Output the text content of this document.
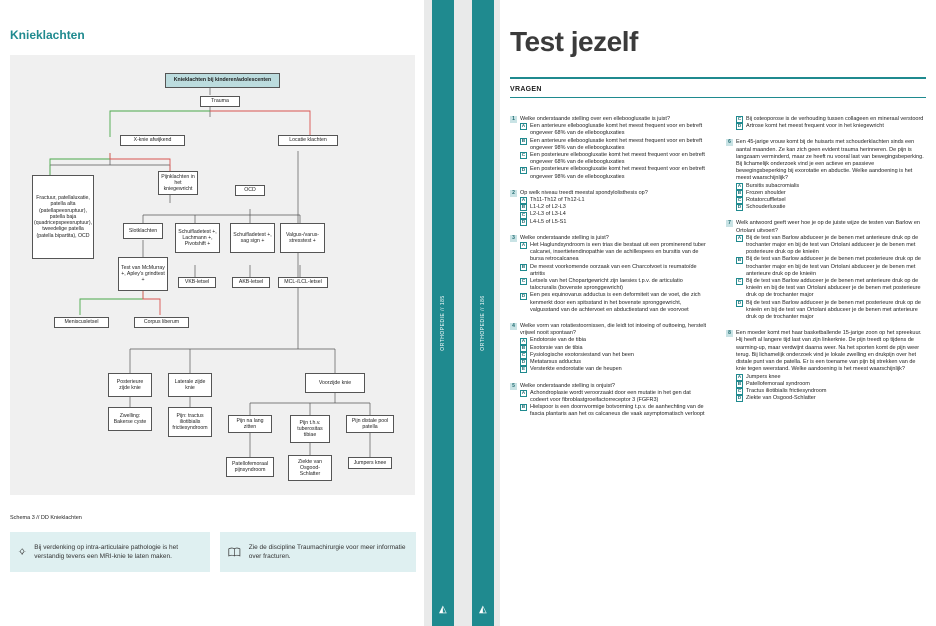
Knieklachten
Knieklachten bij kinderen/adolescenten
Trauma
X-knie afwijkend	Locatie klachten
Fractuur, patellaluxatie, patella alta (patellapeesruptuur), patella baja (quadricepspeesruptuur), tweedelige patella (patella bipartita), OCD
Pijnklachten in het kniegewricht	OCD
Slotklachten	Schuifladetest +, Lachmann +, Pivotshift +
Schuifladetest +, sag sign +
Valgus-/varus-stresstest +
Test van McMurray +, Apley's grindtest +	VKB-letsel	AKB-letsel	MCL-/LCL-letsel
Meniscusletsel	Corpus liberum
Posterieure zijde knie
Laterale zijde knie
Voorzijde knie
Zwelling: Bakerse cyste
Pijn: tractus iliotibialis frictiesyndroom
Pijn na lang zitten
Pijn t.h.v. tuberositas tibiae
Pijn distale pool patella
Patellofemoraal pijnsyndroom
Ziekte van Osgood-Schlatter
Jumpers knee
Schema 3 // DD Knieklachten
Bij verdenking op intra-articulaire pathologie is het verstandig tevens een MRI-knie te laten maken.
Zie de discipline Traumachirurgie voor meer informatie over fracturen.
ORTHOPEDIE // 185
◭
ORTHOPEDIE // 186
◭
Test jezelf
VRAGEN
1 Welke onderstaande stelling over een elleboogluxatie is juist?
A Een anterieure elleboogluxatie komt het meest frequent voor en betreft ongeveer 68% van de elleboogluxaties
B Een anterieure elleboogluxatie komt het meest frequent voor en betreft ongeveer 98% van de elleboogluxaties
C Een posterieure elleboogluxatie komt het meest frequent voor en betreft ongeveer 68% van de elleboogluxaties
D Een posterieure elleboogluxatie komt het meest frequent voor en betreft ongeveer 98% van de elleboogluxaties
2 Op welk niveau treedt meestal spondylolisthesis op?
A Th11-Th12 of Th12-L1
B L1-L2 of L2-L3
C L2-L3 of L3-L4
D L4-L5 of L5-S1
3 Welke onderstaande stelling is juist?
A Het Haglundsyndroom is een trias die bestaat uit een prominerend tuber calcanei, insertietendinopathie van de achillespees en bursitis van de bursa retrocalcanea
B De meest voorkomende oorzaak van een Charcotvoet is reumatoïde artritis
C Letsels van het Chopartgewricht zijn laesies t.p.v. de articulatio talocruralis (bovenste spronggewricht)
D Een pes equinovarus adductus is een deformiteit van de voet, die zich kenmerkt door een spitsstand in het bovenste spronggewricht, valgusstand van de achtervoet en abductiestand van de voorvoet
4 Welke vorm van rotatiestoornissen, die leidt tot intoeing of outtoeing, herstelt vrijwel nooit spontaan?
A Endotorsie van de tibia
B Exotorsie van de tibia
C Fysiologische exotorsiestand van het been
D Metatarsus adductus
E Versterkte endorotatie van de heupen
5 Welke onderstaande stelling is onjuist?
A Achondroplasie wordt veroorzaakt door een mutatie in het gen dat codeert voor fibroblastgroeifactorreceptor 3 (FGFR3)
B Hielspoor is een doornvormige botvorming t.p.v. de aanhechting van de fascia plantaris aan het os calcaneus die vaak asymptomatisch verloopt
C Bij osteoporose is de verhouding tussen collageen en mineraal verstoord
D Artrose komt het meest frequent voor in het kniegewricht
6 Een 45-jarige vrouw komt bij de huisarts met schouderklachten sinds een aantal maanden. Ze kan zich geen evident trauma herinneren. De pijn is langzaam verminderd, maar ze heeft nu vooral last van bewegingsbeperking. Bij lichamelijk onderzoek vind je een actieve en passieve bewegingsbeperking bij exorotatie en abductie. Welke aandoening is het meest waarschijnlijk?
A Bursitis subacromialis
B Frozen shoulder
C Rotatorcuffletsel
D Schouderluxatie
7 Welk antwoord geeft weer hoe je op de juiste wijze de testen van Barlow en Ortolani uitvoert?
A Bij de test van Barlow abduceer je de benen met anterieure druk op de trochanter major en bij de test van Ortolani adduceer je de benen met posterieure druk op de knieën
B Bij de test van Barlow adduceer je de benen met posterieure druk op de trochanter major en bij de test van Ortolani abduceer je de benen met anterieure druk op de knieën
C Bij de test van Barlow adduceer je de benen met anterieure druk op de knieën en bij de test van Ortolani abduceer je de benen met posterieure druk op de trochanter major
D Bij de test van Barlow adduceer je de benen met posterieure druk op de knieën en bij de test van Ortolani abduceer je de benen met anterieure druk op de trochanter major
8 Een moeder komt met haar basketballende 15-jarige zoon op het spreekuur. Hij heeft al langere tijd last van zijn linkerknie. De pijn treedt op tijdens de warming-up, maar verdwijnt daarna weer. Na het sporten komt de pijn weer terug. Bij lichamelijk onderzoek vind je lokale zwelling en drukpijn over het distale punt van de patella. Er is een toename van pijn bij strekken van de knie tegen weerstand. Welke aandoening is het meest waarschijnlijk?
A Jumpers knee
B Patellofemoraal syndroom
C Tractus iliotibialis frictiesyndroom
D Ziekte van Osgood-Schlatter
